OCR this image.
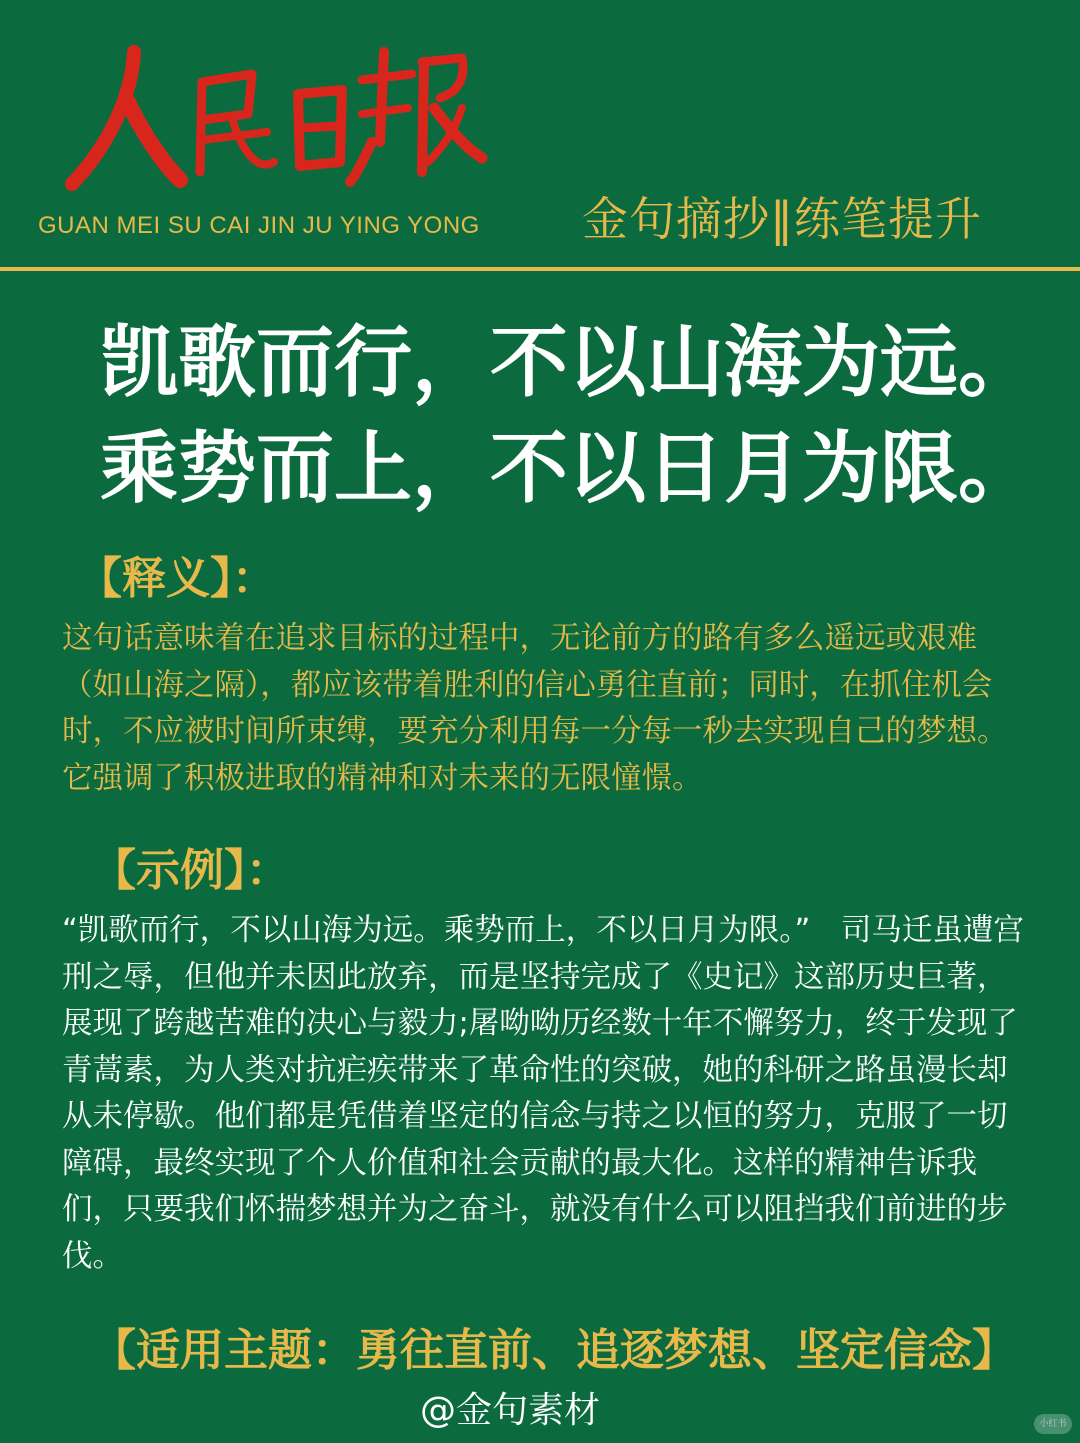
GUAN MEI SU CAI JIN JU YING YONG 金句摘抄‖练笔提升
凯歌而行，不以山海为远。
乘势而上，不以日月为限。
【释义】：
这句话意味着在追求目标的过程中，无论前方的路有多么遥远或艰难（如山海之隔），都应该带着胜利的信心勇往直前；同时，在抓住机会时，不应被时间所束缚，要充分利用每一分每一秒去实现自己的梦想。它强调了积极进取的精神和对未来的无限憧憬。
【示例】：
“凯歌而行，不以山海为远。乘势而上，不以日月为限。”　司马迁虽遭宫刑之辱，但他并未因此放弃，而是坚持完成了《史记》这部历史巨著，展现了跨越苦难的决心与毅力;屠呦呦历经数十年不懈努力，终于发现了青蒿素，为人类对抗疟疾带来了革命性的突破，她的科研之路虽漫长却从未停歇。他们都是凭借着坚定的信念与持之以恒的努力，克服了一切障碍，最终实现了个人价值和社会贡献的最大化。这样的精神告诉我们，只要我们怀揣梦想并为之奋斗，就没有什么可以阻挡我们前进的步伐。
【适用主题：勇往直前、追逐梦想、坚定信念】
@金句素材	小红书
